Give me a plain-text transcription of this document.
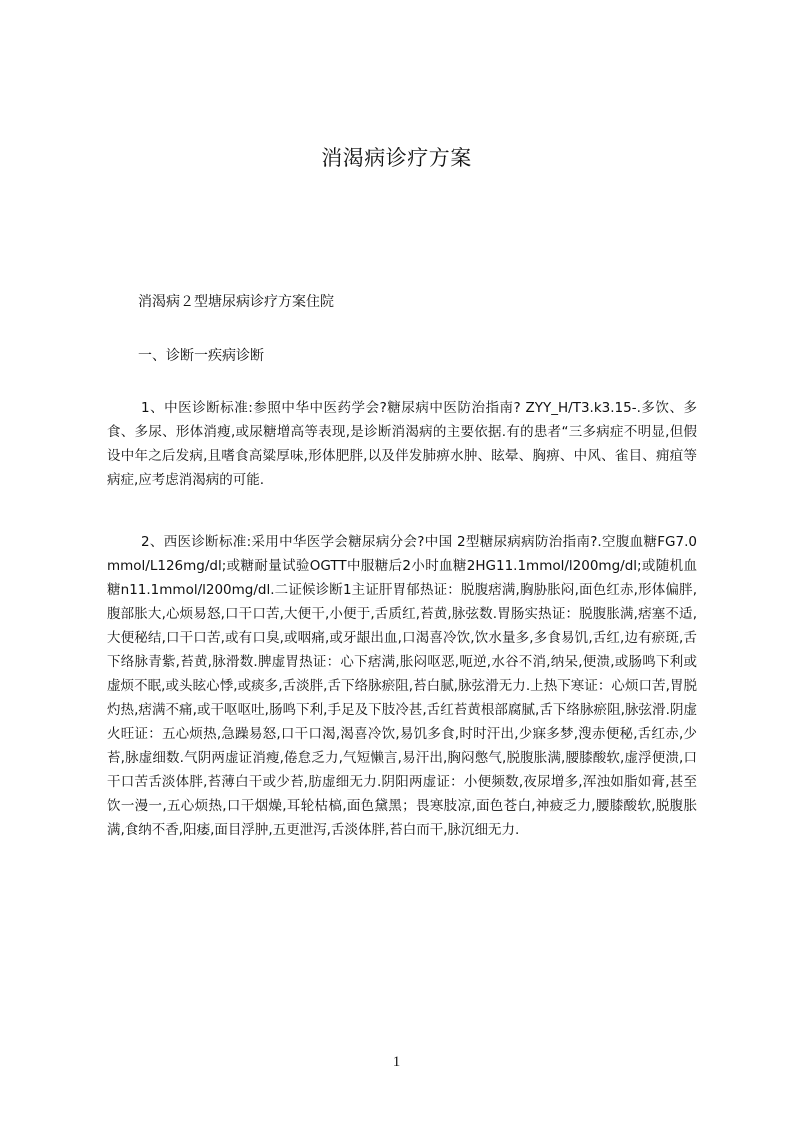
消渴病诊疗方案
消渴病２型塘尿病诊疗方案住院
一、诊断一疾病诊断
1、中医诊断标准:参照中华中医药学会?糖尿病中医防治指南? ZYY_H/T3.k3.15-.多饮、多食、多尿、形体消瘦,或尿糖增高等表现,是诊断消渴病的主要依据.有的患者“三多病症不明显,但假设中年之后发病,且嗜食高粱厚味,形体肥胖,以及伴发肺痹水肿、眩晕、胸痹、中风、雀目、痈疽等病症,应考虑消渴病的可能.
2、西医诊断标准:采用中华医学会糖尿病分会?中国 2型糖尿病病防治指南?.空腹血糖FG7.0mmol/L126mg/dl;或糖耐量试验OGTT中服糖后2小时血糖2HG11.1mmol/l200mg/dl;或随机血糖n11.1mmol/l200mg/dl.二证候诊断1主证肝胃郁热证：脱腹痞满,胸胁胀闷,面色红赤,形体偏胖,腹部胀大,心烦易怒,口干口苦,大便干,小便于,舌质红,苔黄,脉弦数.胃肠实热证：脱腹胀满,痞塞不适,大便秘结,口干口苦,或有口臭,或咽痛,或牙龈出血,口渴喜冷饮,饮水量多,多食易饥,舌红,边有瘀斑,舌下络脉青紫,苔黄,脉滑数.脾虚胃热证：心下痞满,胀闷呕恶,呃逆,水谷不消,纳呆,便溃,或肠鸣下利或虚烦不眠,或头眩心悸,或痰多,舌淡胖,舌下络脉瘀阻,苔白腻,脉弦滑无力.上热下寒证：心烦口苦,胃脱灼热,痞满不痛,或干呕呕吐,肠鸣下利,手足及下肢冷甚,舌红苔黄根部腐腻,舌下络脉瘀阻,脉弦滑.阴虚火旺证：五心烦热,急躁易怒,口干口渴,渴喜冷饮,易饥多食,时时汗出,少寐多梦,溲赤便秘,舌红赤,少苔,脉虚细数.气阴两虚证消瘦,倦怠乏力,气短懒言,易汗出,胸闷憋气,脱腹胀满,腰膝酸软,虚浮便溃,口干口苦舌淡体胖,苔薄白干或少苔,肪虚细无力.阴阳两虚证：小便频数,夜尿增多,浑浊如脂如膏,甚至饮一漫一,五心烦热,口干烟燥,耳轮枯槁,面色黛黑；畏寒肢凉,面色苍白,神疲乏力,腰膝酸软,脱腹胀满,食纳不香,阳痿,面目浮肿,五更泄泻,舌淡体胖,苔白而干,脉沉细无力.
1
